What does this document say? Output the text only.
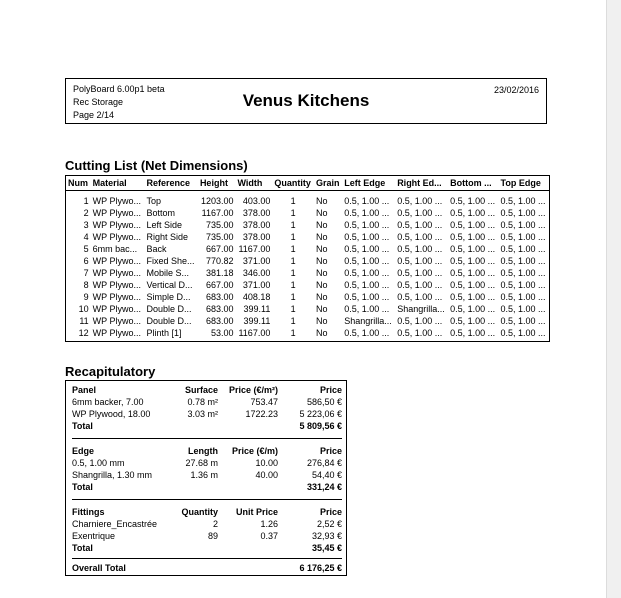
PolyBoard 6.00p1 beta
Rec Storage
Page 2/14
Venus Kitchens
23/02/2016
Cutting List (Net Dimensions)
Num	Material	Reference	Height	Width	Quantity	Grain	Left Edge	Right Ed...	Bottom ...	Top Edge
1	WP Plywo...	Top	1203.00	403.00	1	No	0.5, 1.00 ...	0.5, 1.00 ...	0.5, 1.00 ...	0.5, 1.00 ...
2	WP Plywo...	Bottom	1167.00	378.00	1	No	0.5, 1.00 ...	0.5, 1.00 ...	0.5, 1.00 ...	0.5, 1.00 ...
3	WP Plywo...	Left Side	735.00	378.00	1	No	0.5, 1.00 ...	0.5, 1.00 ...	0.5, 1.00 ...	0.5, 1.00 ...
4	WP Plywo...	Right Side	735.00	378.00	1	No	0.5, 1.00 ...	0.5, 1.00 ...	0.5, 1.00 ...	0.5, 1.00 ...
5	6mm bac...	Back	667.00	1167.00	1	No	0.5, 1.00 ...	0.5, 1.00 ...	0.5, 1.00 ...	0.5, 1.00 ...
6	WP Plywo...	Fixed She...	770.82	371.00	1	No	0.5, 1.00 ...	0.5, 1.00 ...	0.5, 1.00 ...	0.5, 1.00 ...
7	WP Plywo...	Mobile S...	381.18	346.00	1	No	0.5, 1.00 ...	0.5, 1.00 ...	0.5, 1.00 ...	0.5, 1.00 ...
8	WP Plywo...	Vertical D...	667.00	371.00	1	No	0.5, 1.00 ...	0.5, 1.00 ...	0.5, 1.00 ...	0.5, 1.00 ...
9	WP Plywo...	Simple D...	683.00	408.18	1	No	0.5, 1.00 ...	0.5, 1.00 ...	0.5, 1.00 ...	0.5, 1.00 ...
10	WP Plywo...	Double D...	683.00	399.11	1	No	0.5, 1.00 ...	Shangrilla...	0.5, 1.00 ...	0.5, 1.00 ...
11	WP Plywo...	Double D...	683.00	399.11	1	No	Shangrilla...	0.5, 1.00 ...	0.5, 1.00 ...	0.5, 1.00 ...
12	WP Plywo...	Plinth [1]	53.00	1167.00	1	No	0.5, 1.00 ...	0.5, 1.00 ...	0.5, 1.00 ...	0.5, 1.00 ...
Recapitulatory
Panel	Surface	Price (€/m²)	Price
6mm backer, 7.00	0.78 m²	753.47	586,50 €
WP Plywood, 18.00	3.03 m²	1722.23	5 223,06 €
Total			5 809,56 €
Edge	Length	Price (€/m)	Price
0.5, 1.00 mm	27.68 m	10.00	276,84 €
Shangrilla, 1.30 mm	1.36 m	40.00	54,40 €
Total			331,24 €
Fittings	Quantity	Unit Price	Price
Charniere_Encastrée	2	1.26	2,52 €
Exentrique	89	0.37	32,93 €
Total			35,45 €
Overall Total	6 176,25 €
